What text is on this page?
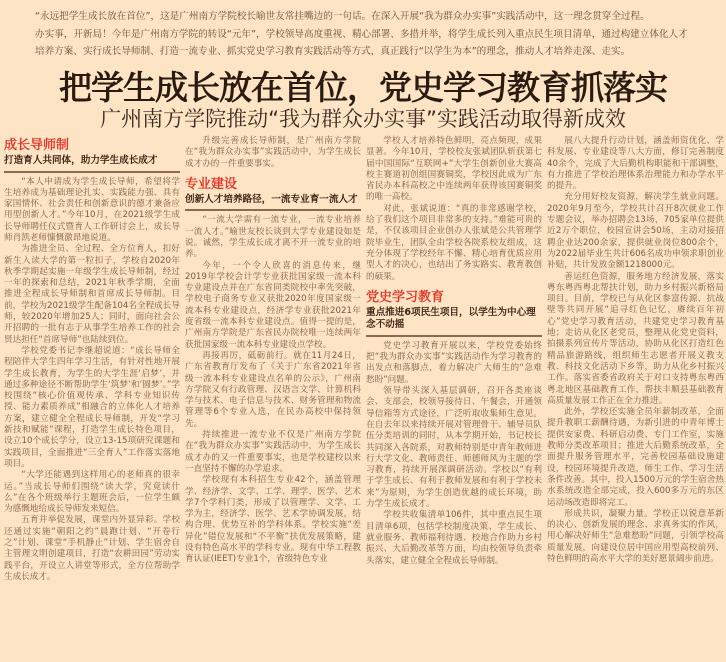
“永远把学生成长放在首位”，这是广州南方学院校长喻世友常挂嘴边的一句话。在深入开展“我为群众办实事”实践活动中，这一理念贯穿全过程。

办实事，开新局！今年是广州南方学院的转设“元年”，学校领导高度重视、精心部署、多措并举，将学生成长列入重点民生项目清单，通过构建立体化人才

培养方案、实行成长导师制、打造一流专业、抓实党史学习教育实践活动等方式，真正践行“以学生为本”的理念，推动人才培养走深、走实。

把学生成长放在首位，党史学习教育抓落实
广州南方学院推动“我为群众办实事”实践活动取得新成效
成长导师制
打造育人共同体，助力学生成长成才

“本人申请成为学生成长导师，希望将学生培养成为基础理论扎实、实践能力强、具有家国情怀、社会责任和创新意识的德才兼备应用型创新人才。”今年10月，在2021级学生成长导师聘任仪式暨育人工作研讨会上，成长导师肖凯老师慷慨激昂地说道。

为推进全员、全过程、全方位育人，扣好新生入读大学的第一粒扣子，学校自2020年秋季学期起实施一年级学生成长导师制，经过一年的探索和总结，2021年秋季学期，全面推进全程成长导师制和首席成长导师制。目前，学校为2021级学生配备104名全程成长导师，较2020年增加25人；同时，面向社会公开招聘的一批有志于从事学生培养工作的社会贤达担任“首席导师”也陆续到位。

学校党委书记李继超说道：“成长导师全程陪伴大学生四年学习生活，有针对性地开展学生成长教育，为学生的大学生涯‘启梦’，并通过多种途径不断帮助学生‘筑梦’和‘圆梦’。”学校围绕“核心价值观传承、学科专业知识传授、能力素质养成”相融合的立体化人才培养方案，建立健全全程成长导师制，开发“学习新技和赋能”课程，打造学生成长特色项目，设立10个成长学分，设立13-15项研究课题和实践项目，全面推进“三全育人”工作落实落地项目。

“大学还能遇到这样用心的老师真的很幸运。”当成长导师们围绕“读大学，究竟读什么”在各个班级举行主题班会后，一位学生颇为感慨地给成长导师发来短信。

五育并举促发展，课堂内外显异彩。学校还通过实施“朝阳之约”晨跑计划、“开卷行之”计划、课堂“手机静止”计划、学生宿舍自主管理文明创建项目，打造“农耕田园”劳动实践平台，开设立人讲堂等形式，全方位帮助学生成长成才。

升级完善成长导师制，是广州南方学院在“我为群众办实事”实践活动中，为学生成长成才办的一件重要事实。

专业建设
创新人才培养路径，一流专业育一流人才

“一流大学需有一流专业，一流专业培养一流人才。”喻世友校长谈到大学专业建设如是说。诚然，学生成长成才离不开一流专业的培养。

今年，一个令人欣喜的消息传来，继2019年学校会计学专业获批国家级一流本科专业建设点并在广东省同类院校中率先突破，学校电子商务专业又获批2020年度国家级一流本科专业建设点，经济学专业获批2021年度省级一流本科专业建设点。值得一提的是，广州南方学院是广东省民办院校唯一连续两年获批国家级一流本科专业建设点学校。

再接再厉，砥砺前行。就在11月24日，广东省教育厅发布了《关于广东省2021年省级一流本科专业建设点名单的公示》，广州南方学院又有行政管理、汉语言文学、计算机科学与技术、电子信息与技术、财务管理和物流管理等6个专业入选，在民办高校中保持领先。

持续推进一流专业不仅是广州南方学院在“我为群众办实事”实践活动中，为学生成长成才办的又一件重要事实，也是学校建校以来一直坚持不懈的办学追求。

学校现有本科招生专业42个，涵盖管理学、经济学、文学、工学、理学、医学、艺术学7个学科门类，形成了以管理学、文学、工学为主，经济学、医学、艺术学协调发展，结构合理、优势互补的学科体系。学校实施“差异化”错位发展和“不平衡”扶优发展策略，建设有特色高水平的学科专业。现有中华工程教育认证(IEET)专业1个，省级特色专业

学校人才培养特色鲜明，亮点频现，成果显著。今年10月，学校校友张斌团队斩获第七届中国国际“互联网+”大学生创新创业大赛高校主赛道初创组国赛铜奖，学校因此成为广东省民办本科高校之中连续两年获得该国赛铜奖的唯一高校。

对此，张斌说道：“真的非常感谢学校，给了我们这个项目非常多的支持。”难能可贵的是，不仅该项目企业创办人张斌是公共管理学院毕业生，团队全由学校各院系校友组成，这充分体现了学校经年不懈、精心培育优质应用型人才的决心，也结出了务实路实、教育教创的硕果。

党史学习教育
重点推进6项民生项目，以学生为中心理念不动摇

党史学习教育开展以来，学校党委始终把“我为群众办实事”实践活动作为学习教育的出发点和落脚点，着力解决广大师生的“急难愁盼”问题。

领导带头深入基层调研，召开各类座谈会、支部会，校领导接待日、午餐会，开通领导信箱等方式途径，广泛听取收集师生意见。在自去年以来持续开展对管理骨干、辅导员队伍分类培训的同时，从本学期开始，书记校长共同深入各院系，对教师特别是中青年教师进行大学文化、教师责任、师德师风为主题的学习教育，持续开展深调研活动。学校以“有利于学生成长、有利于教师发展和有利于学校未来”为原则，为学生创造优越的成长环境，助力学生成长成才。

学校共收集清单106件，其中重点民生项目清单6项，包括学校制度决策、学生成长、就业服务、教师福利待遇、校地合作助力乡村振兴、大后勤改革等方面，均由校领导负责牵头落实，建立健全全程成长导师制。

展八大提升行动计划，涵盖师资优化、学科发展、专业建设等八大方面，修订完善制度40余个，完成了大后勤机构职能和干部调整，有力推进了学校治理体系治理能力和办学水平的提升。

充分用好校友资源，解决学生就业问题。2020年9月至今，学校共计召开8次就业工作专题会议，举办招聘会13场，705家单位提供近2万个职位，校园宣讲会50场，主动对接招聘企业达200余家，提供就业岗位800余个，为2022届毕业生共计606名成功申领求职创业补贴，共计发放金额1218000元。

善运红色资源，服务地方经济发展，落实粤东粤西粤北帮扶计划，助力乡村振兴新格局项目。目前，学校已与从化区参富传源、抗战壁等共同开展“追寻红色记忆，赓续百年初心”党史学习教育活动，共建党史学习教育基地；走访从化区老党员，整理从化党史资料，拍摄系列宣传片等活动，协助从化区打造红色精品旅游路线，组织师生志愿者开展义教支教、科技文化活动下乡等，助力从化乡村振兴工作。落实省委省政府关于对口支持粤东粤西粤北地区基础教育工作，帮扶丰顺县基础教育高质量发展工作正在全力推进。

此外，学校还实施全员年薪制改革，全面提升教职工薪酬待遇，为新引进的中青年博士提供安家费、科研启动费、专门工作室，实施教师分类改革项目；推进大后勤系统改革，全面提升服务管理水平，完善校园基础设施建设，校园环境提升改造，师生工作、学习生活条件改善。其中，投入1500万元的学生宿舍热水系统改造全部完成，投入600多万元的东区运动场改造即将完工。

形成共识，凝聚力量。学校正以锐意革新的决心、创新发展的理念、求真务实的作风，用心解决好师生“急难愁盼”问题，引领学校高质量发展，向建设位居中国应用型高校前列、特色鲜明的高水平大学的美好愿景阔步前进。
